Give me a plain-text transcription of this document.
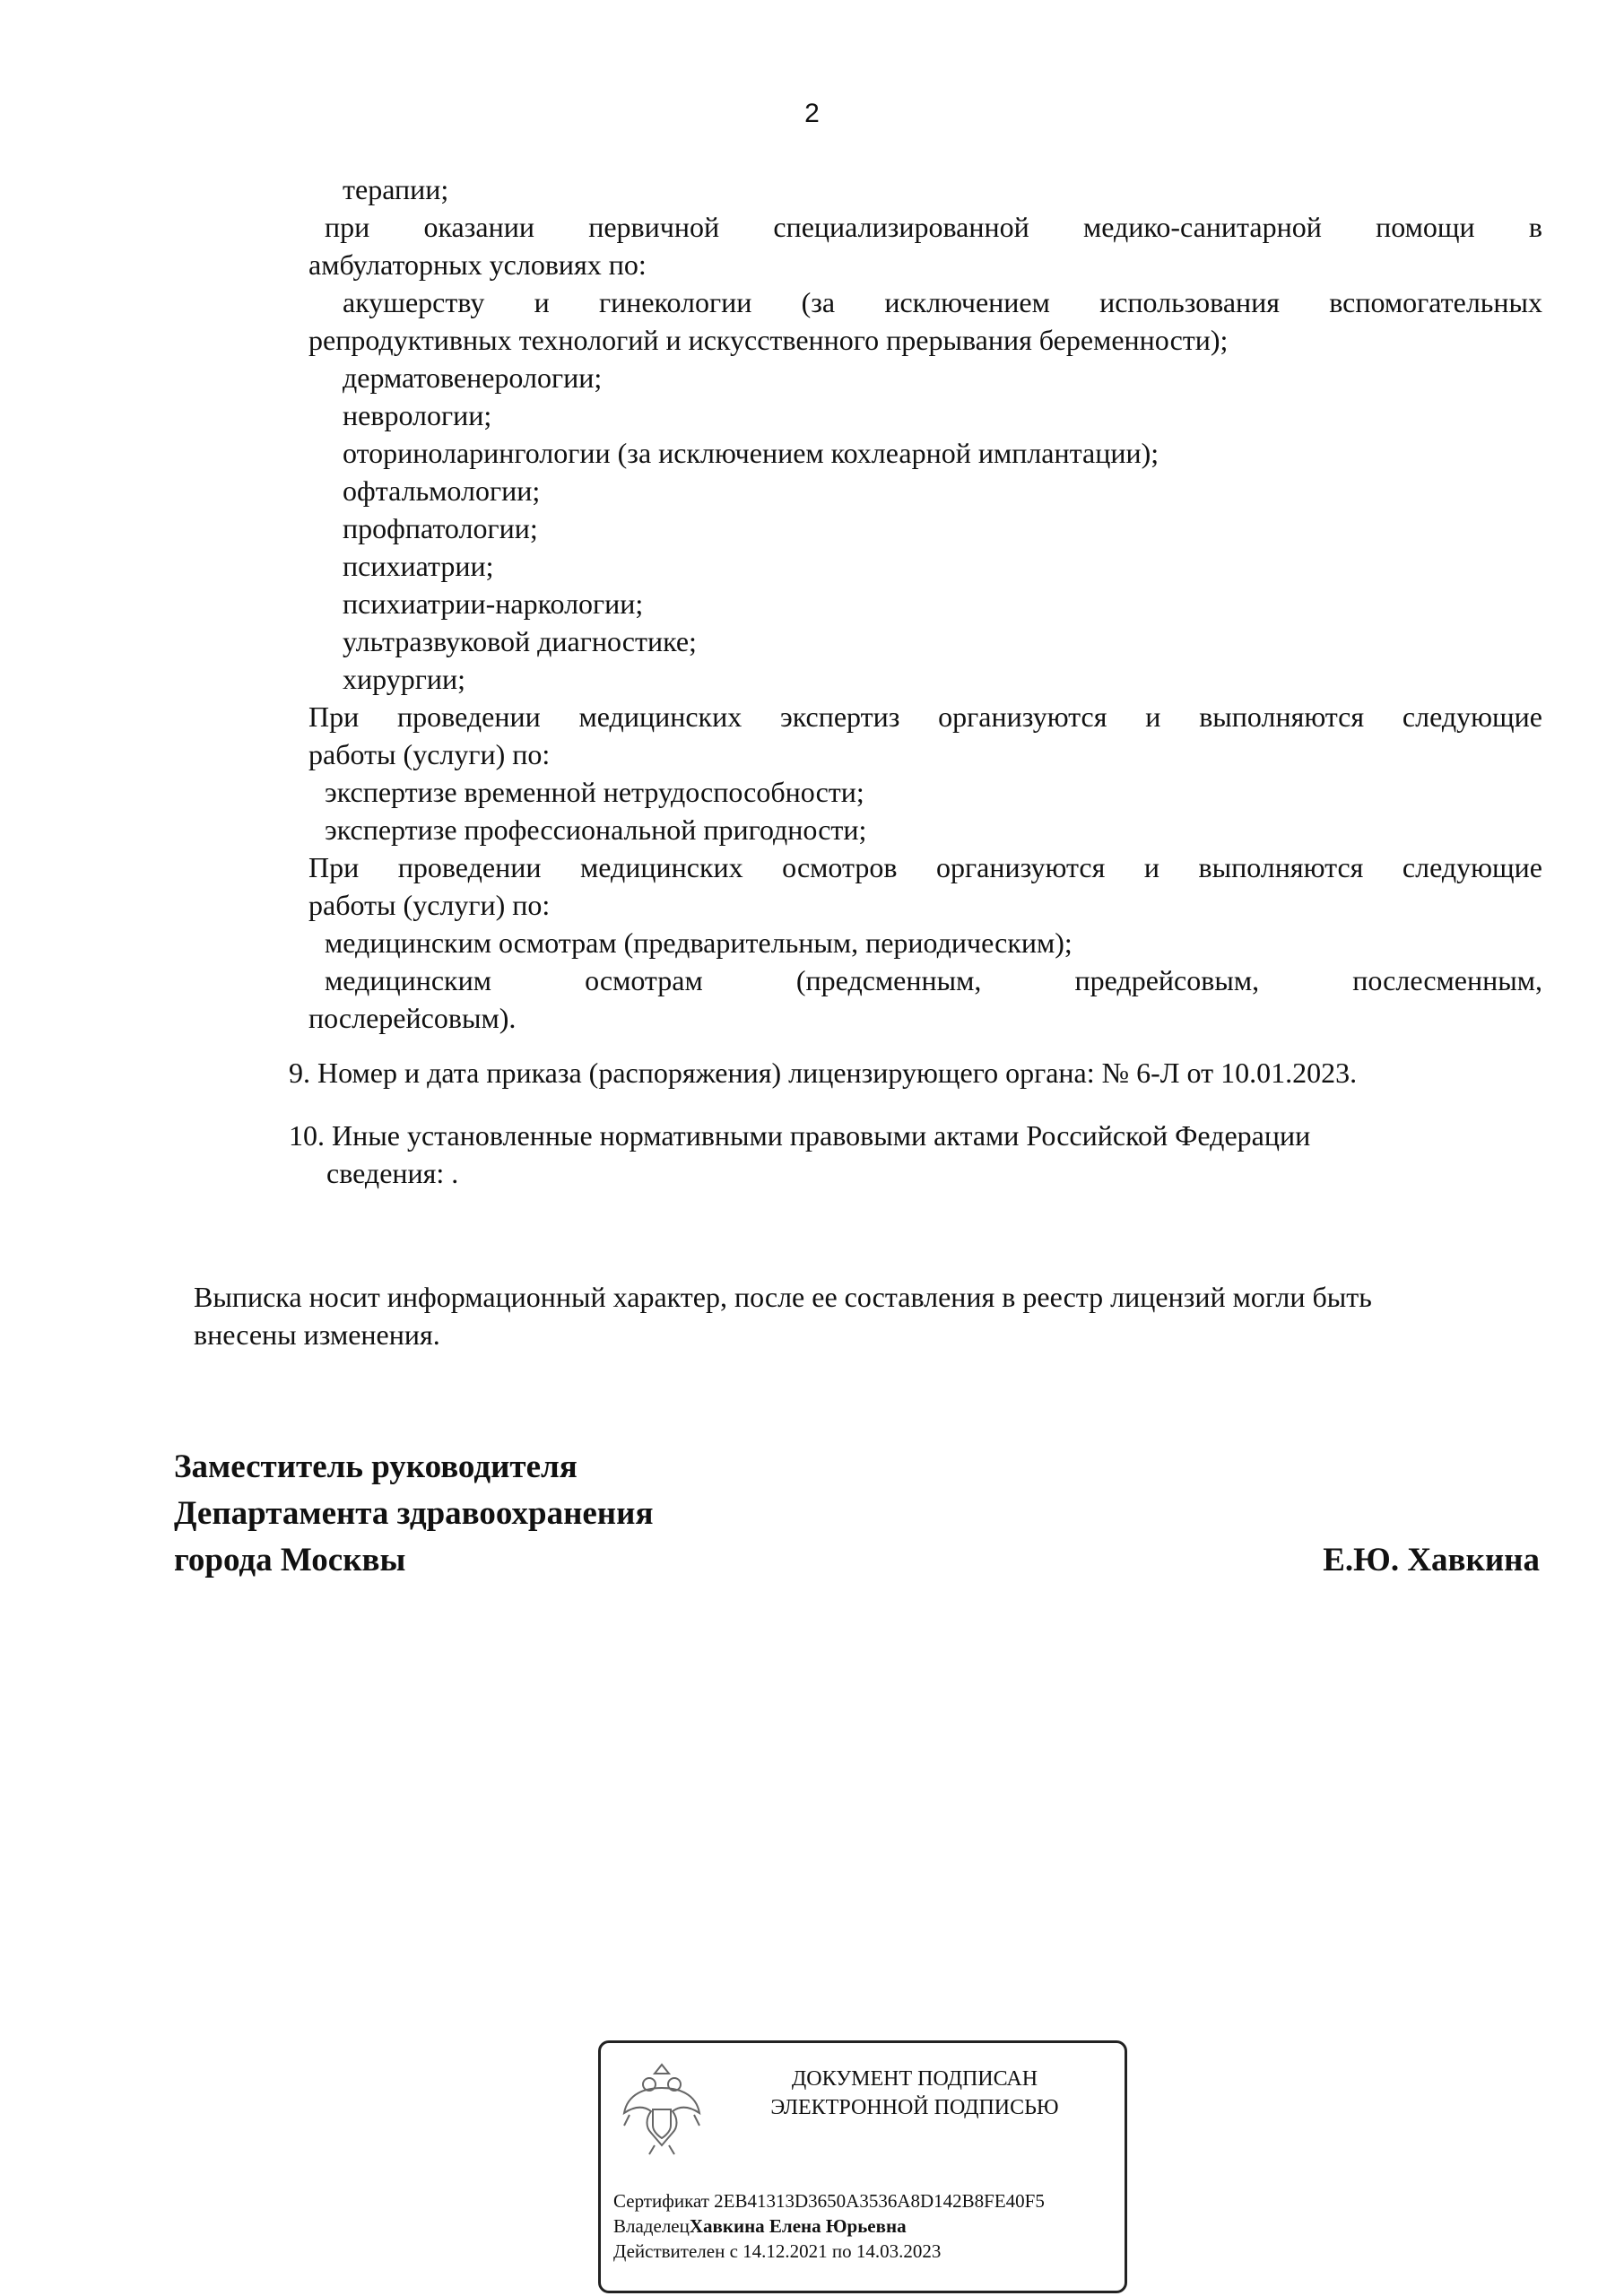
2
терапии;
при оказании первичной специализированной медико-санитарной помощи в
амбулаторных условиях по:
акушерству и гинекологии (за исключением использования вспомогательных
репродуктивных технологий и искусственного прерывания беременности);
дерматовенерологии;
неврологии;
оториноларингологии (за исключением кохлеарной имплантации);
офтальмологии;
профпатологии;
психиатрии;
психиатрии-наркологии;
ультразвуковой диагностике;
хирургии;
При проведении медицинских экспертиз организуются и выполняются следующие
работы (услуги) по:
экспертизе временной нетрудоспособности;
экспертизе профессиональной пригодности;
При проведении медицинских осмотров организуются и выполняются следующие
работы (услуги) по:
медицинским осмотрам (предварительным, периодическим);
медицинским осмотрам (предсменным, предрейсовым, послесменным,
послерейсовым).
9. Номер и дата приказа (распоряжения) лицензирующего органа: № 6-Л от 10.01.2023.
10. Иные установленные нормативными правовыми актами Российской Федерации
сведения: .
Выписка носит информационный характер, после ее составления в реестр лицензий могли быть
внесены изменения.
Заместитель руководителя
Департамента здравоохранения
города Москвы	Е.Ю. Хавкина
ДОКУМЕНТ ПОДПИСАН
ЭЛЕКТРОННОЙ ПОДПИСЬЮ
Сертификат 2EB41313D3650A3536A8D142B8FE40F5
ВладелецХавкина Елена Юрьевна
Действителен с 14.12.2021 по 14.03.2023
